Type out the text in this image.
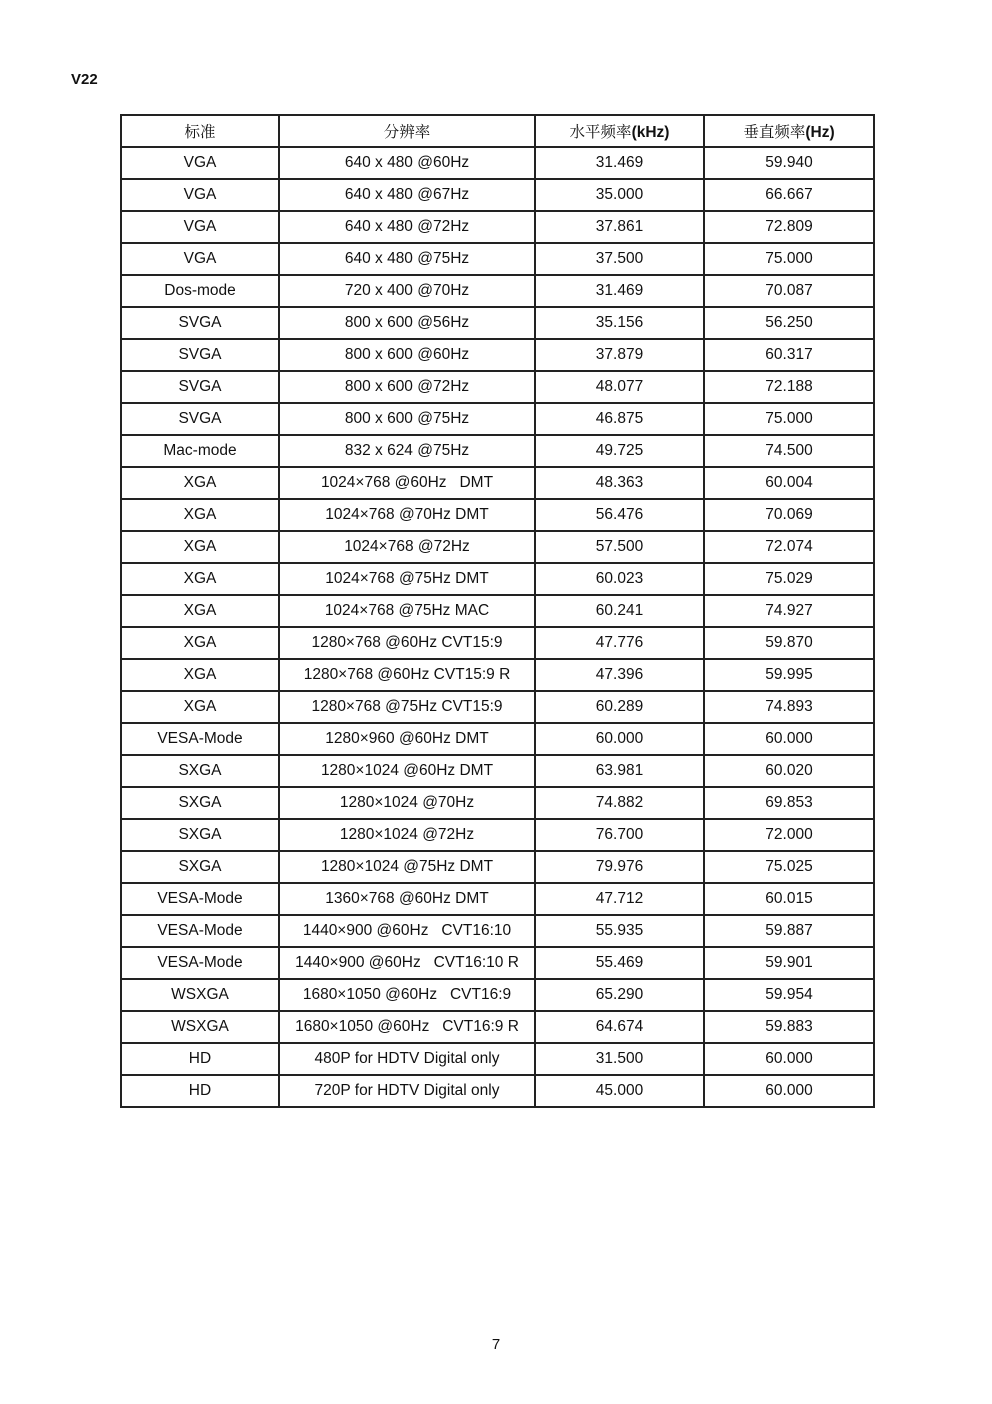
V22
标准	分辨率	水平频率(kHz)	垂直频率(Hz)
VGA	640 x 480 @60Hz	31.469	59.940
VGA	640 x 480 @67Hz	35.000	66.667
VGA	640 x 480 @72Hz	37.861	72.809
VGA	640 x 480 @75Hz	37.500	75.000
Dos-mode	720 x 400 @70Hz	31.469	70.087
SVGA	800 x 600 @56Hz	35.156	56.250
SVGA	800 x 600 @60Hz	37.879	60.317
SVGA	800 x 600 @72Hz	48.077	72.188
SVGA	800 x 600 @75Hz	46.875	75.000
Mac-mode	832 x 624 @75Hz	49.725	74.500
XGA	1024×768 @60Hz   DMT	48.363	60.004
XGA	1024×768 @70Hz DMT	56.476	70.069
XGA	1024×768 @72Hz	57.500	72.074
XGA	1024×768 @75Hz DMT	60.023	75.029
XGA	1024×768 @75Hz MAC	60.241	74.927
XGA	1280×768 @60Hz CVT15:9	47.776	59.870
XGA	1280×768 @60Hz CVT15:9 R	47.396	59.995
XGA	1280×768 @75Hz CVT15:9	60.289	74.893
VESA-Mode	1280×960 @60Hz DMT	60.000	60.000
SXGA	1280×1024 @60Hz DMT	63.981	60.020
SXGA	1280×1024 @70Hz	74.882	69.853
SXGA	1280×1024 @72Hz	76.700	72.000
SXGA	1280×1024 @75Hz DMT	79.976	75.025
VESA-Mode	1360×768 @60Hz DMT	47.712	60.015
VESA-Mode	1440×900 @60Hz   CVT16:10	55.935	59.887
VESA-Mode	1440×900 @60Hz   CVT16:10 R	55.469	59.901
WSXGA	1680×1050 @60Hz   CVT16:9	65.290	59.954
WSXGA	1680×1050 @60Hz   CVT16:9 R	64.674	59.883
HD	480P for HDTV Digital only	31.500	60.000
HD	720P for HDTV Digital only	45.000	60.000
7
